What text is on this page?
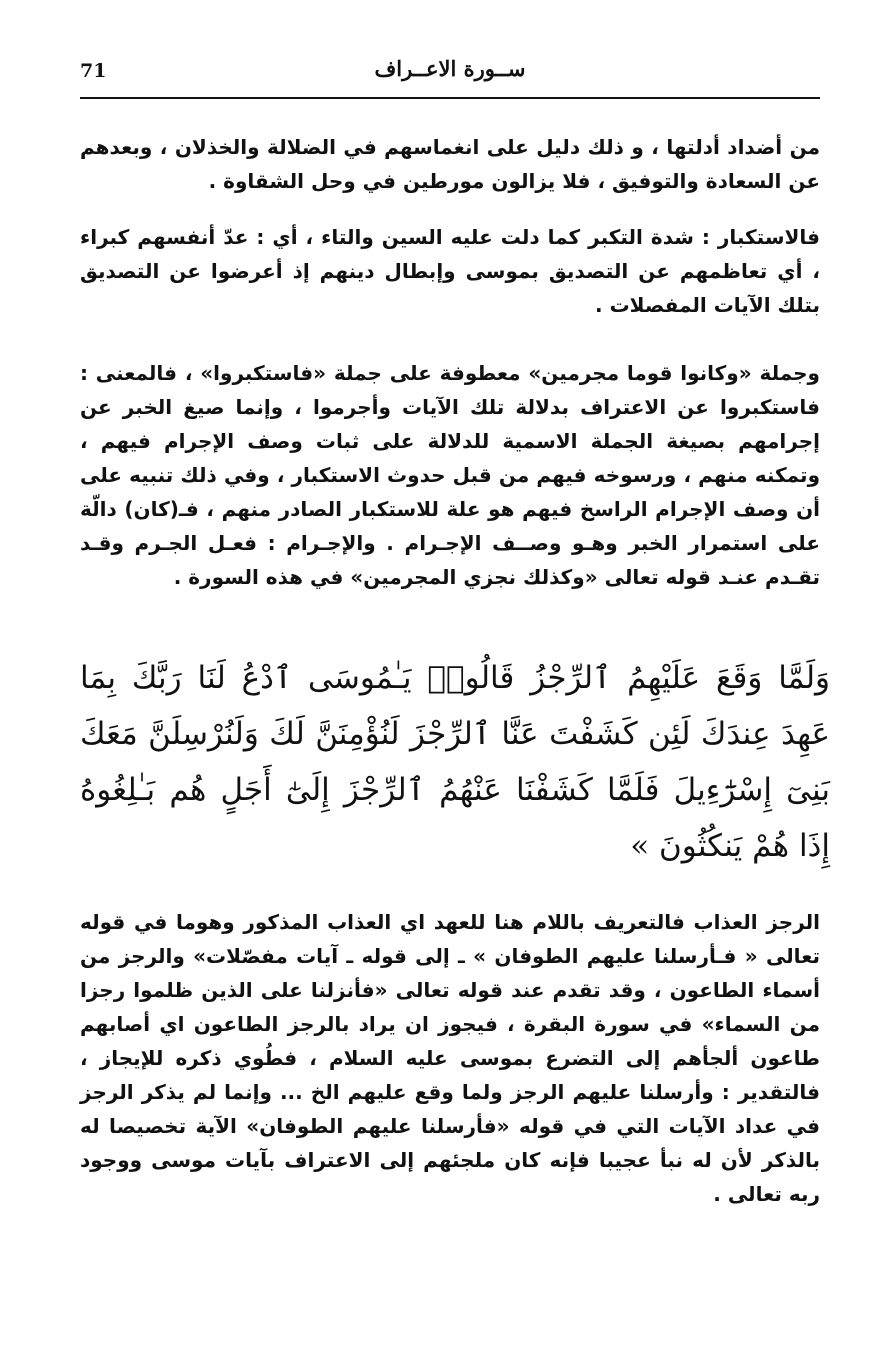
71	ســورة الاعــراف

من أضداد أدلتها ، و ذلك دليل على انغماسهم في الضلالة والخذلان ، وبعدهم عن السعادة والتوفيق ، فلا يزالون مورطين في وحل الشقاوة .

فالاستكبار : شدة التكبر كما دلت عليه السين والتاء ، أي : عدّ أنفسهم كبراء ، أي تعاظمهم عن التصديق بموسى وإبطال دينهم إذ أعرضوا عن التصديق بتلك الآيات المفصلات .

وجملة «وكانوا قوما مجرمين» معطوفة على جملة «فاستكبروا» ، فالمعنى : فاستكبروا عن الاعتراف بدلالة تلك الآيات وأجرموا ، وإنما صيغ الخبر عن إجرامهم بصيغة الجملة الاسمية للدلالة على ثبات وصف الإجرام فيهم ، وتمكنه منهم ، ورسوخه فيهم من قبل حدوث الاستكبار ، وفي ذلك تنبيه على أن وصف الإجرام الراسخ فيهم هو علة للاستكبار الصادر منهم ، فـ(كان) دالّة على استمرار الخبر وهـو وصــف الإجـرام . والإجـرام : فعـل الجـرم وقـد تقـدم عنـد قوله تعالى «وكذلك نجزي المجرمين» في هذه السورة .

وَلَمَّا وَقَعَ عَلَيْهِمُ ٱلرِّجْزُ قَالُوا۟ يَـٰمُوسَى ٱدْعُ لَنَا رَبَّكَ بِمَا عَهِدَ عِندَكَ لَئِن كَشَفْتَ عَنَّا ٱلرِّجْزَ لَنُؤْمِنَنَّ لَكَ وَلَنُرْسِلَنَّ مَعَكَ بَنِىٓ إِسْرَٰٓءِيلَ فَلَمَّا كَشَفْنَا عَنْهُمُ ٱلرِّجْزَ إِلَىٰٓ أَجَلٍ هُم بَـٰلِغُوهُ إِذَا هُمْ يَنكُثُونَ »

الرجز العذاب فالتعريف باللام هنا للعهد اي العذاب المذكور وهوما في قوله تعالى « فـأرسلنا عليهم الطوفان » ـ إلى قوله ـ آيات مفصّلات» والرجز من أسماء الطاعون ، وقد تقدم عند قوله تعالى «فأنزلنا على الذين ظلموا رجزا من السماء» في سورة البقرة ، فيجوز ان يراد بالرجز الطاعون اي أصابهم طاعون ألجأهم إلى التضرع بموسى عليه السلام ، فطُوي ذكره للإيجاز ، فالتقدير : وأرسلنا عليهم الرجز ولما وقع عليهم الخ ... وإنما لم يذكر الرجز في عداد الآيات التي في قوله «فأرسلنا عليهم الطوفان» الآية تخصيصا له بالذكر لأن له نبأ عجيبا فإنه كان ملجئهم إلى الاعتراف بآيات موسى ووجود ربه تعالى .
